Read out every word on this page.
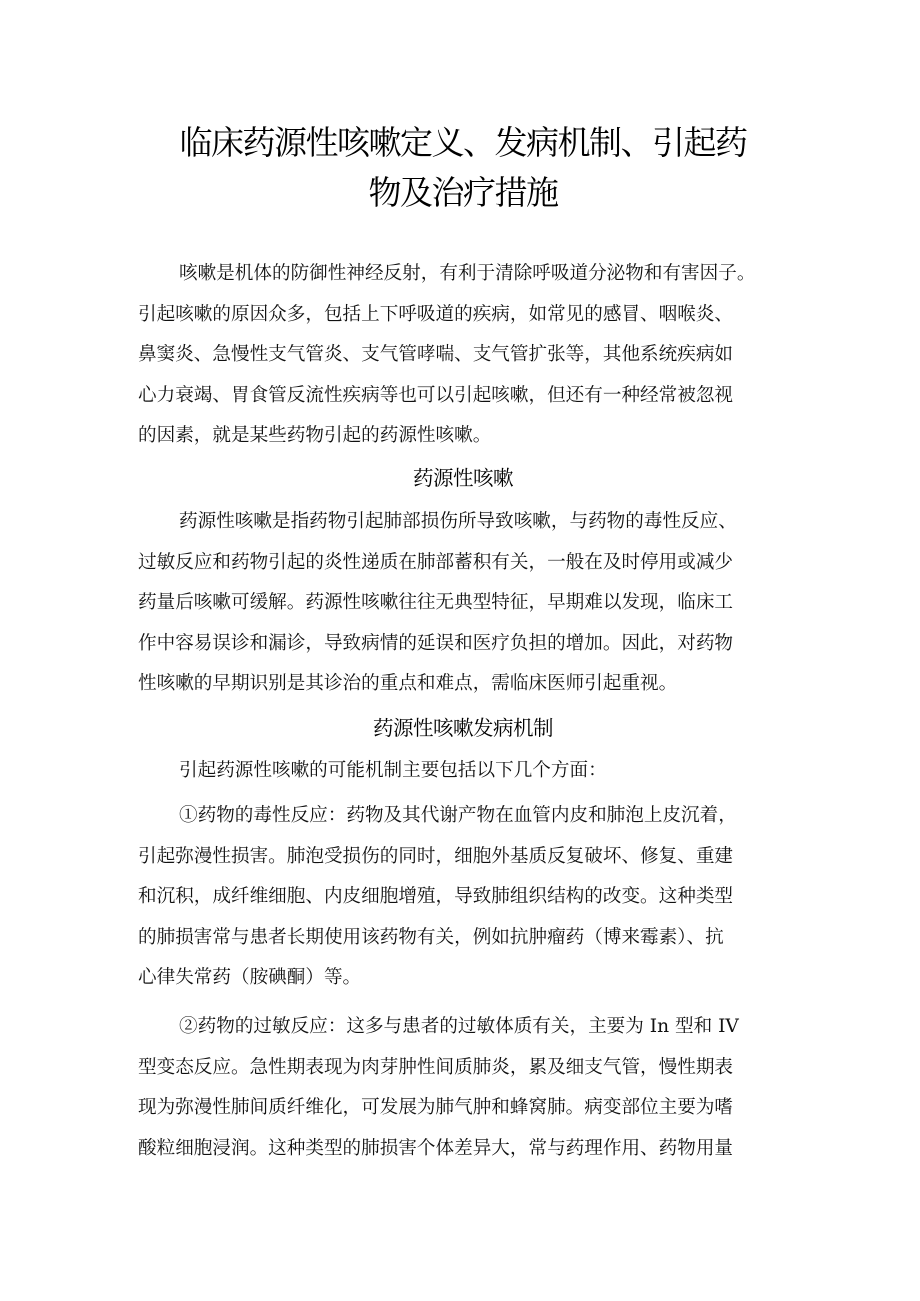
临床药源性咳嗽定义、发病机制、引起药
物及治疗措施
咳嗽是机体的防御性神经反射，有利于清除呼吸道分泌物和有害因子。
引起咳嗽的原因众多，包括上下呼吸道的疾病，如常见的感冒、咽喉炎、
鼻窦炎、急慢性支气管炎、支气管哮喘、支气管扩张等，其他系统疾病如
心力衰竭、胃食管反流性疾病等也可以引起咳嗽，但还有一种经常被忽视
的因素，就是某些药物引起的药源性咳嗽。
药源性咳嗽
药源性咳嗽是指药物引起肺部损伤所导致咳嗽，与药物的毒性反应、
过敏反应和药物引起的炎性递质在肺部蓄积有关，一般在及时停用或减少
药量后咳嗽可缓解。药源性咳嗽往往无典型特征，早期难以发现，临床工
作中容易误诊和漏诊，导致病情的延误和医疗负担的增加。因此，对药物
性咳嗽的早期识别是其诊治的重点和难点，需临床医师引起重视。
药源性咳嗽发病机制
引起药源性咳嗽的可能机制主要包括以下几个方面：
①药物的毒性反应：药物及其代谢产物在血管内皮和肺泡上皮沉着，
引起弥漫性损害。肺泡受损伤的同时，细胞外基质反复破坏、修复、重建
和沉积，成纤维细胞、内皮细胞增殖，导致肺组织结构的改变。这种类型
的肺损害常与患者长期使用该药物有关，例如抗肿瘤药（博来霉素）、抗
心律失常药（胺碘酮）等。
②药物的过敏反应：这多与患者的过敏体质有关，主要为 In 型和 IV
型变态反应。急性期表现为肉芽肿性间质肺炎，累及细支气管，慢性期表
现为弥漫性肺间质纤维化，可发展为肺气肿和蜂窝肺。病变部位主要为嗜
酸粒细胞浸润。这种类型的肺损害个体差异大，常与药理作用、药物用量
